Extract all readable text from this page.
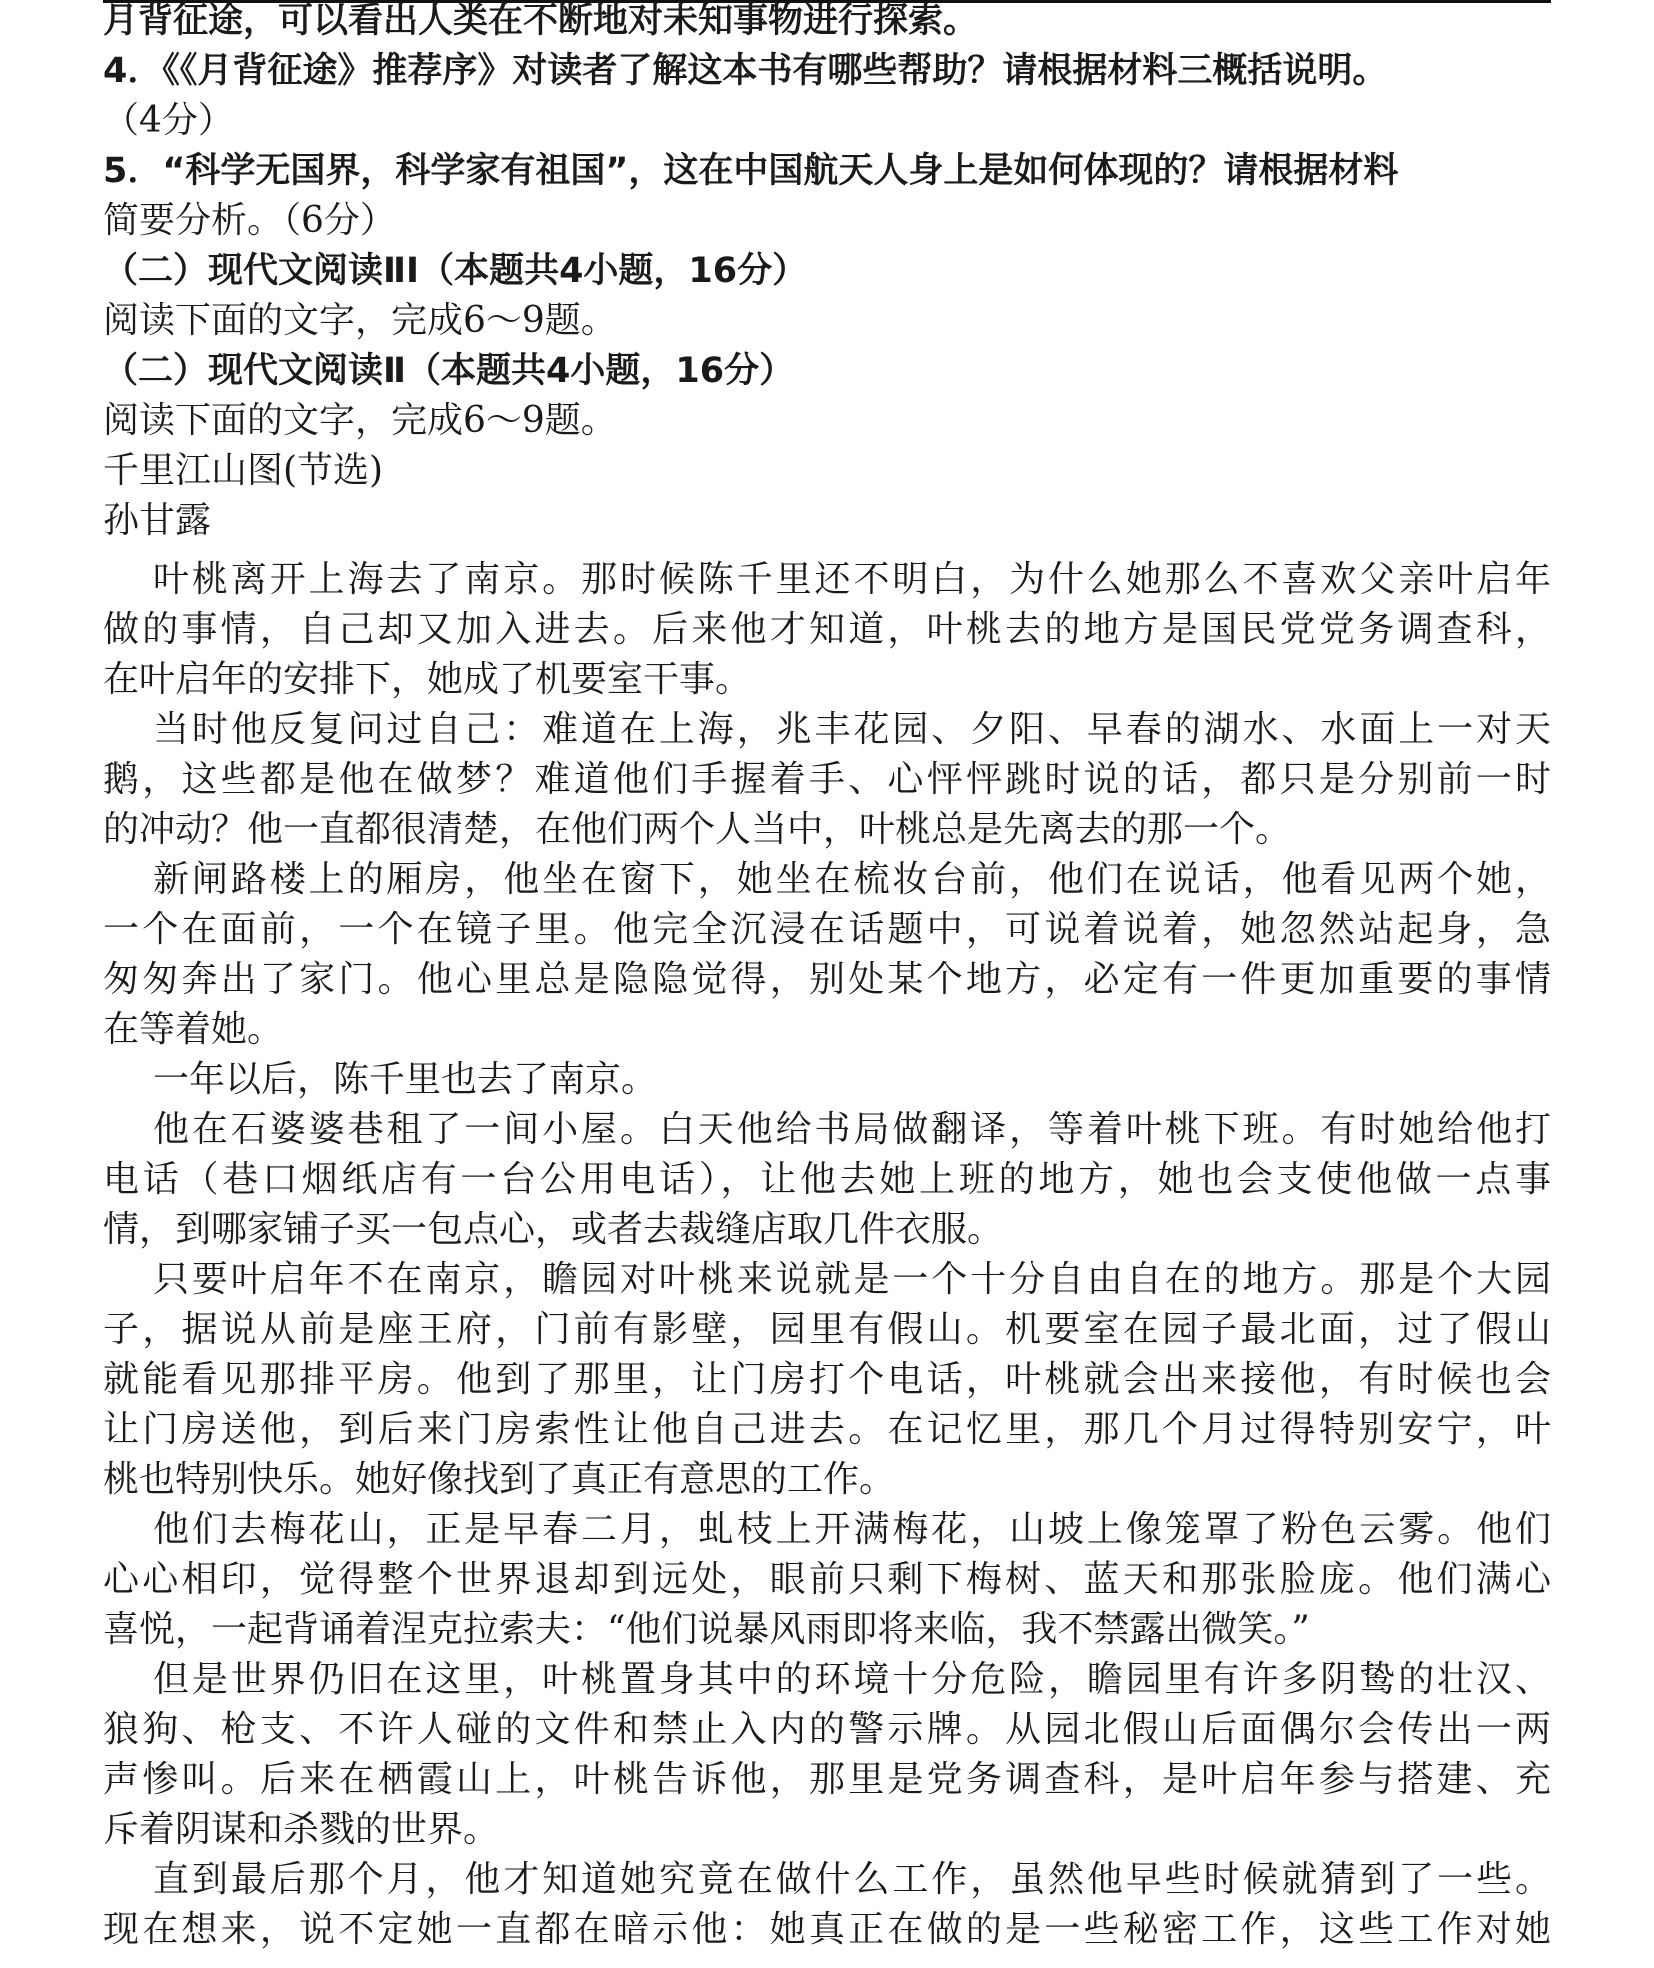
月背征途，可以看出人类在不断地对未知事物进行探索。
4．《《月背征途》推荐序》对读者了解这本书有哪些帮助？请根据材料三概括说明。
（4分）
5．“科学无国界，科学家有祖国”，这在中国航天人身上是如何体现的？请根据材料
简要分析。（6分）
（二）现代文阅读ⅡⅠ（本题共4小题，16分）
阅读下面的文字，完成6～9题。
（二）现代文阅读Ⅱ（本题共4小题，16分）
阅读下面的文字，完成6～9题。
千里江山图(节选)
孙甘露
叶桃离开上海去了南京。那时候陈千里还不明白，为什么她那么不喜欢父亲叶启年
做的事情，自己却又加入进去。后来他才知道，叶桃去的地方是国民党党务调查科，
在叶启年的安排下，她成了机要室干事。
当时他反复问过自己：难道在上海，兆丰花园、夕阳、早春的湖水、水面上一对天
鹅，这些都是他在做梦？难道他们手握着手、心怦怦跳时说的话，都只是分别前一时
的冲动？他一直都很清楚，在他们两个人当中，叶桃总是先离去的那一个。
新闸路楼上的厢房，他坐在窗下，她坐在梳妆台前，他们在说话，他看见两个她，
一个在面前，一个在镜子里。他完全沉浸在话题中，可说着说着，她忽然站起身，急
匆匆奔出了家门。他心里总是隐隐觉得，别处某个地方，必定有一件更加重要的事情
在等着她。
一年以后，陈千里也去了南京。
他在石婆婆巷租了一间小屋。白天他给书局做翻译，等着叶桃下班。有时她给他打
电话（巷口烟纸店有一台公用电话），让他去她上班的地方，她也会支使他做一点事
情，到哪家铺子买一包点心，或者去裁缝店取几件衣服。
只要叶启年不在南京，瞻园对叶桃来说就是一个十分自由自在的地方。那是个大园
子，据说从前是座王府，门前有影壁，园里有假山。机要室在园子最北面，过了假山
就能看见那排平房。他到了那里，让门房打个电话，叶桃就会出来接他，有时候也会
让门房送他，到后来门房索性让他自己进去。在记忆里，那几个月过得特别安宁，叶
桃也特别快乐。她好像找到了真正有意思的工作。
他们去梅花山，正是早春二月，虬枝上开满梅花，山坡上像笼罩了粉色云雾。他们
心心相印，觉得整个世界退却到远处，眼前只剩下梅树、蓝天和那张脸庞。他们满心
喜悦，一起背诵着涅克拉索夫：“他们说暴风雨即将来临，我不禁露出微笑。”
但是世界仍旧在这里，叶桃置身其中的环境十分危险，瞻园里有许多阴鸷的壮汉、
狼狗、枪支、不许人碰的文件和禁止入内的警示牌。从园北假山后面偶尔会传出一两
声惨叫。后来在栖霞山上，叶桃告诉他，那里是党务调查科，是叶启年参与搭建、充
斥着阴谋和杀戮的世界。
直到最后那个月，他才知道她究竟在做什么工作，虽然他早些时候就猜到了一些。
现在想来，说不定她一直都在暗示他：她真正在做的是一些秘密工作，这些工作对她
